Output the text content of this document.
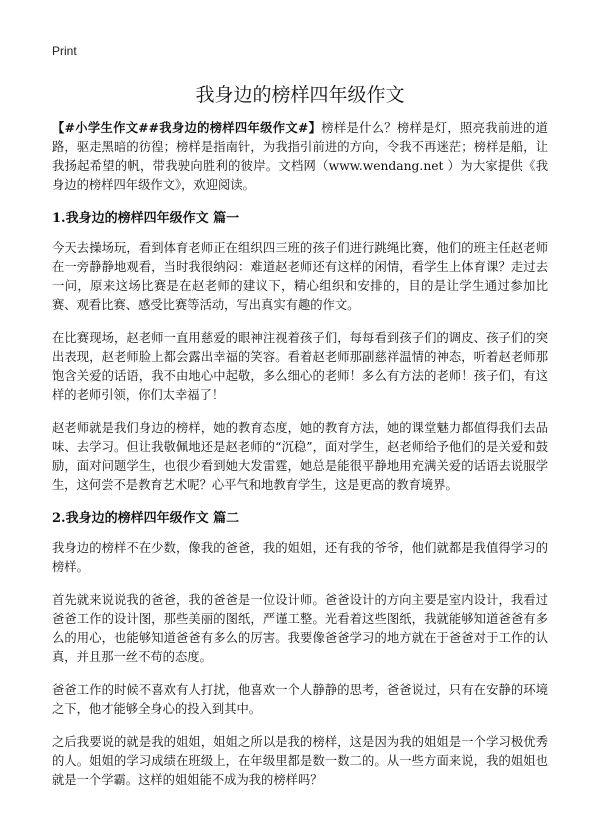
Print
我身边的榜样四年级作文

【#小学生作文##我身边的榜样四年级作文#】榜样是什么？榜样是灯，照亮我前进的道路，驱走黑暗的彷徨；榜样是指南针，为我指引前进的方向，令我不再迷茫；榜样是船，让我扬起希望的帆，带我驶向胜利的彼岸。文档网（www.wendang.net ）为大家提供《我身边的榜样四年级作文》，欢迎阅读。

1.我身边的榜样四年级作文 篇一

今天去操场玩，看到体育老师正在组织四三班的孩子们进行跳绳比赛，他们的班主任赵老师在一旁静静地观看，当时我很纳闷：难道赵老师还有这样的闲情，看学生上体育课？走过去一问，原来这场比赛是在赵老师的建议下，精心组织和安排的，目的是让学生通过参加比赛、观看比赛、感受比赛等活动，写出真实有趣的作文。

在比赛现场，赵老师一直用慈爱的眼神注视着孩子们，每每看到孩子们的调皮、孩子们的突出表现，赵老师脸上都会露出幸福的笑容。看着赵老师那副慈祥温情的神态，听着赵老师那饱含关爱的话语，我不由地心中起敬，多么细心的老师！多么有方法的老师！孩子们，有这样的老师引领，你们太幸福了！

赵老师就是我们身边的榜样，她的教育态度，她的教育方法，她的课堂魅力都值得我们去品味、去学习。但让我敬佩地还是赵老师的“沉稳”，面对学生，赵老师给予他们的是关爱和鼓励，面对问题学生，也很少看到她大发雷霆，她总是能很平静地用充满关爱的话语去说服学生，这何尝不是教育艺术呢？心平气和地教育学生，这是更高的教育境界。

2.我身边的榜样四年级作文 篇二

我身边的榜样不在少数，像我的爸爸，我的姐姐，还有我的爷爷，他们就都是我值得学习的榜样。

首先就来说说我的爸爸，我的爸爸是一位设计师。爸爸设计的方向主要是室内设计，我看过爸爸工作的设计图，那些美丽的图纸，严谨工整。光看着这些图纸，我就能够知道爸爸有多么的用心，也能够知道爸爸有多么的厉害。我要像爸爸学习的地方就在于爸爸对于工作的认真，并且那一丝不苟的态度。

爸爸工作的时候不喜欢有人打扰，他喜欢一个人静静的思考，爸爸说过，只有在安静的环境之下，他才能够全身心的投入到其中。

之后我要说的就是我的姐姐，姐姐之所以是我的榜样，这是因为我的姐姐是一个学习极优秀的人。姐姐的学习成绩在班级上，在年级里都是数一数二的。从一些方面来说，我的姐姐也就是一个学霸。这样的姐姐能不成为我的榜样吗？
